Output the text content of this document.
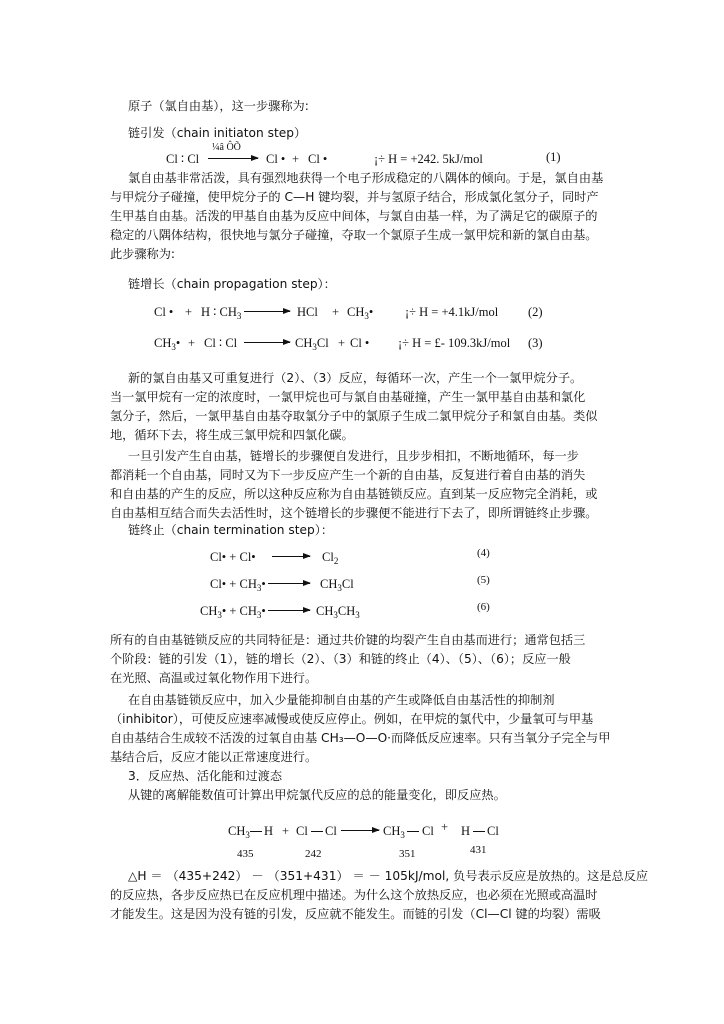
原子（氯自由基），这一步骤称为:
链引发（chain initiaton step）
¼â ÔÕ
Cl ∶ Cl	Cl • + Cl •	¡÷ H = +242. 5kJ/mol	(1)
氯自由基非常活泼，具有强烈地获得一个电子形成稳定的八隅体的倾向。于是，氯自由基
与甲烷分子碰撞，使甲烷分子的 C—H 键均裂，并与氢原子结合，形成氯化氢分子，同时产
生甲基自由基。活泼的甲基自由基为反应中间体，与氯自由基一样，为了满足它的碳原子的
稳定的八隅体结构，很快地与氯分子碰撞，夺取一个氯原子生成一氯甲烷和新的氯自由基。
此步骤称为:
链增长（chain propagation step）：
Cl • + H ∶ $CH_3$ → HCl + $CH_3•$	¡÷ H = +4.1kJ/mol (2)
$CH_3• + Cl$ ∶ $Cl \to CH_3Cl + Cl$ • ¡÷ H = £- 109.3kJ/mol (3)
新的氯自由基又可重复进行（2）、（3）反应，每循环一次，产生一个一氯甲烷分子。
当一氯甲烷有一定的浓度时，一氯甲烷也可与氯自由基碰撞，产生一氯甲基自由基和氯化
氢分子，然后，一氯甲基自由基夺取氯分子中的氯原子生成二氯甲烷分子和氯自由基。类似
地，循环下去，将生成三氯甲烷和四氯化碳。
一旦引发产生自由基，链增长的步骤便自发进行，且步步相扣，不断地循环，每一步
都消耗一个自由基，同时又为下一步反应产生一个新的自由基，反复进行着自由基的消失
和自由基的产生的反应，所以这种反应称为自由基链锁反应。直到某一反应物完全消耗，或
自由基相互结合而失去活性时，这个链增长的步骤便不能进行下去了，即所谓链终止步骤。
链终止（chain termination step）：
Cl• + Cl• → $Cl_2$
(4)
Cl• + $CH_3• \to CH_3Cl$	(5)
$CH_3•$ + $CH_3• \to CH_3CH_3$
(6)
所有的自由基链锁反应的共同特征是：通过共价键的均裂产生自由基而进行；通常包括三
个阶段：链的引发（1），链的增长（2）、（3）和链的终止（4）、（5）、（6）；反应一般
在光照、高温或过氧化物作用下进行。
在自由基链锁反应中，加入少量能抑制自由基的产生或降低自由基活性的抑制剂
（inhibitor），可使反应速率减慢或使反应停止。例如，在甲烷的氯代中，少量氧可与甲基
自由基结合生成较不活泼的过氧自由基 CH₃—O—O·而降低反应速率。只有当氧分子完全与甲
基结合后，反应才能以正常速度进行。
3．反应热、活化能和过渡态
从键的离解能数值可计算出甲烷氯代反应的总的能量变化，即反应热。
$CH_3$ H + Cl Cl	$CH_3$ Cl + H Cl
435	242	351	431
△H ＝ （435+242） － （351+431） ＝ － 105kJ/mol, 负号表示反应是放热的。这是总反应
的反应热，各步反应热已在反应机理中描述。为什么这个放热反应，也必须在光照或高温时
才能发生。这是因为没有链的引发，反应就不能发生。而链的引发（Cl—Cl 键的均裂）需吸
